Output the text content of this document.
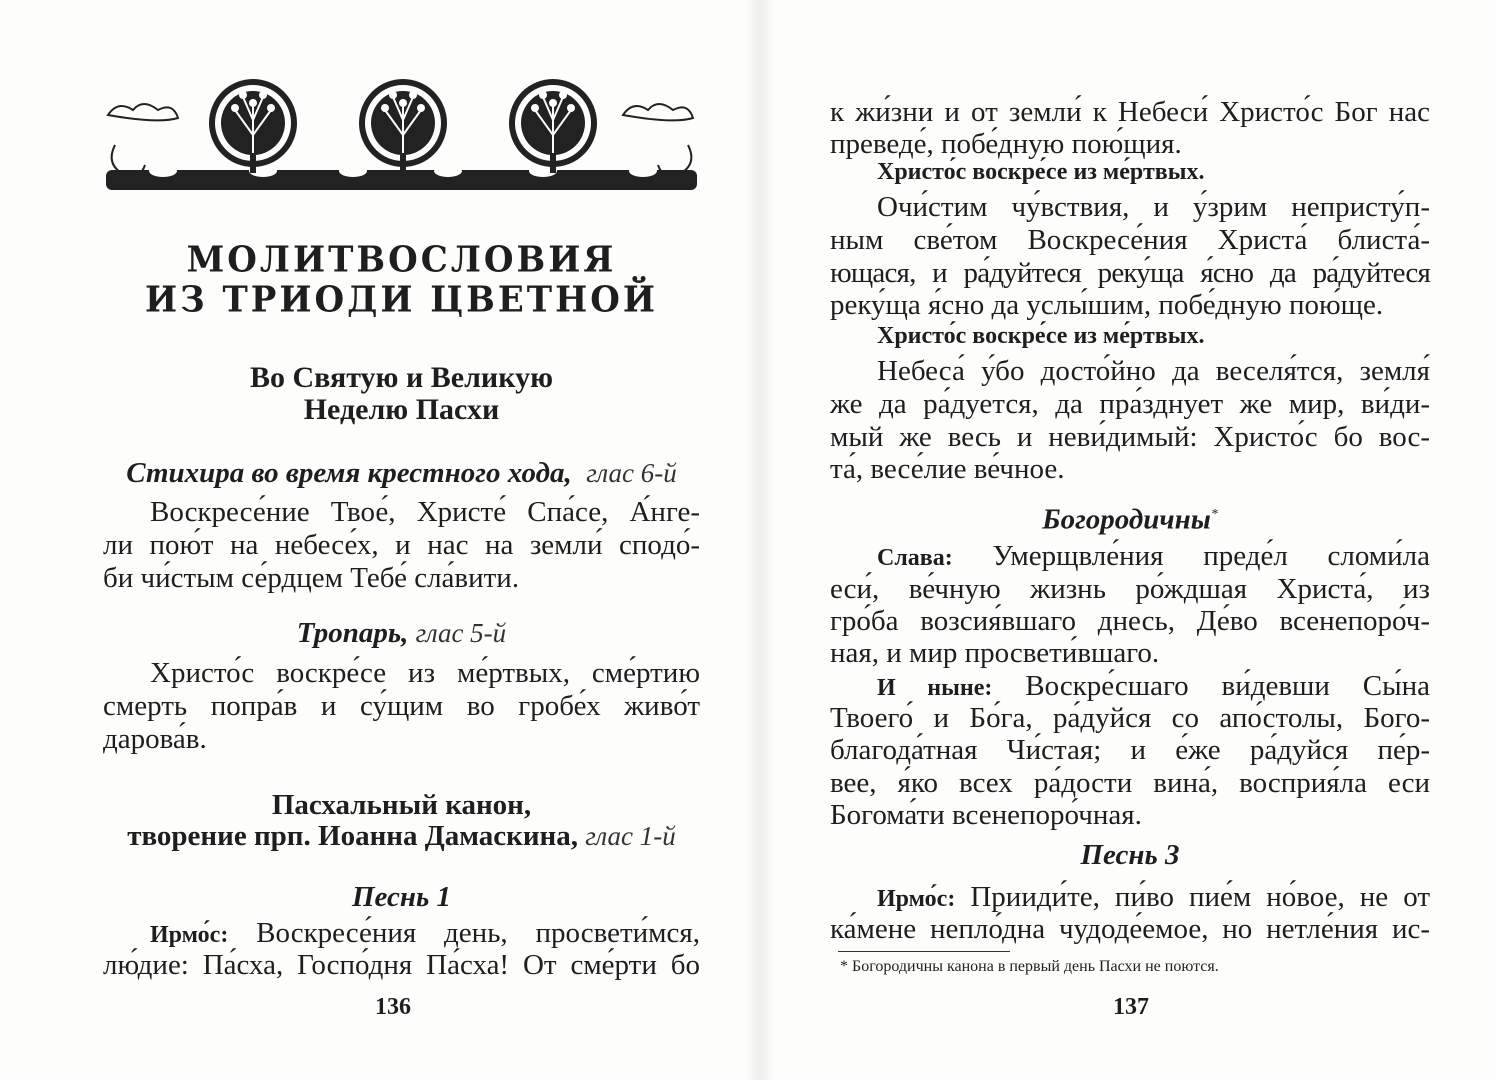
МОЛИТВОСЛОВИЯ
ИЗ ТРИОДИ ЦВЕТНОЙ
Во Святую и Великую
Неделю Пасхи
Стихира во время крестного хода, глас 6-й
Воскресе́ние Твое́, Христе́ Спа́се, А́нге-
ли пою́т на небесе́х, и нас на земли́ сподо́-
би чи́стым се́рдцем Тебе́ сла́вити.
Тропарь, глас 5-й
Христо́с воскре́се из ме́ртвых, сме́ртию
смерть попра́в и су́щим во гробе́х живо́т
дарова́в.
Пасхальный канон,
творение прп. Иоанна Дамаскина, глас 1-й
Песнь 1
Ирмо́с: Воскресе́ния день, просвети́мся,
лю́дие: Па́сха, Госпо́дня Па́сха! От сме́рти бо
136
к жи́зни и от земли́ к Небеси́ Христо́с Бог нас
преведе́, побе́дную пою́щия.
Христо́с воскре́се из ме́ртвых.
Очи́стим чу́вствия, и у́зрим непристу́п-
ным све́том Воскресе́ния Христа́ блиста́-
ющася, и ра́дуйтеся реку́ща я́сно да ра́дуйтеся
реку́ща я́сно да услы́шим, побе́дную пою́ще.
Христо́с воскре́се из ме́ртвых.
Небеса́ у́бо досто́йно да веселя́тся, земля́
же да ра́дуется, да пра́зднует же мир, ви́ди-
мый же весь и неви́димый: Христо́с бо вос-
та́, весе́лие ве́чное.
Богородичны*
Слава: Умерщвле́ния преде́л сломи́ла
еси́, ве́чную жизнь ро́ждшая Христа́, из
гро́ба возсия́вшаго днесь, Де́во всенепоро́ч-
ная, и мир просвети́вшаго.
И ныне: Воскре́сшаго ви́девши Сы́на
Твоего́ и Бо́га, ра́дуйся со апо́столы, Бого-
благода́тная Чи́стая; и е́же ра́дуйся пе́р-
вее, я́ко всех ра́дости вина́, восприя́ла еси
Богома́ти всенепоро́чная.
Песнь 3
Ирмо́с: Прииди́те, пи́во пие́м но́вое, не от
ка́мене непло́дна чудоде́емое, но нетле́ния ис-
* Богородичны канона в первый день Пасхи не поются.
137
